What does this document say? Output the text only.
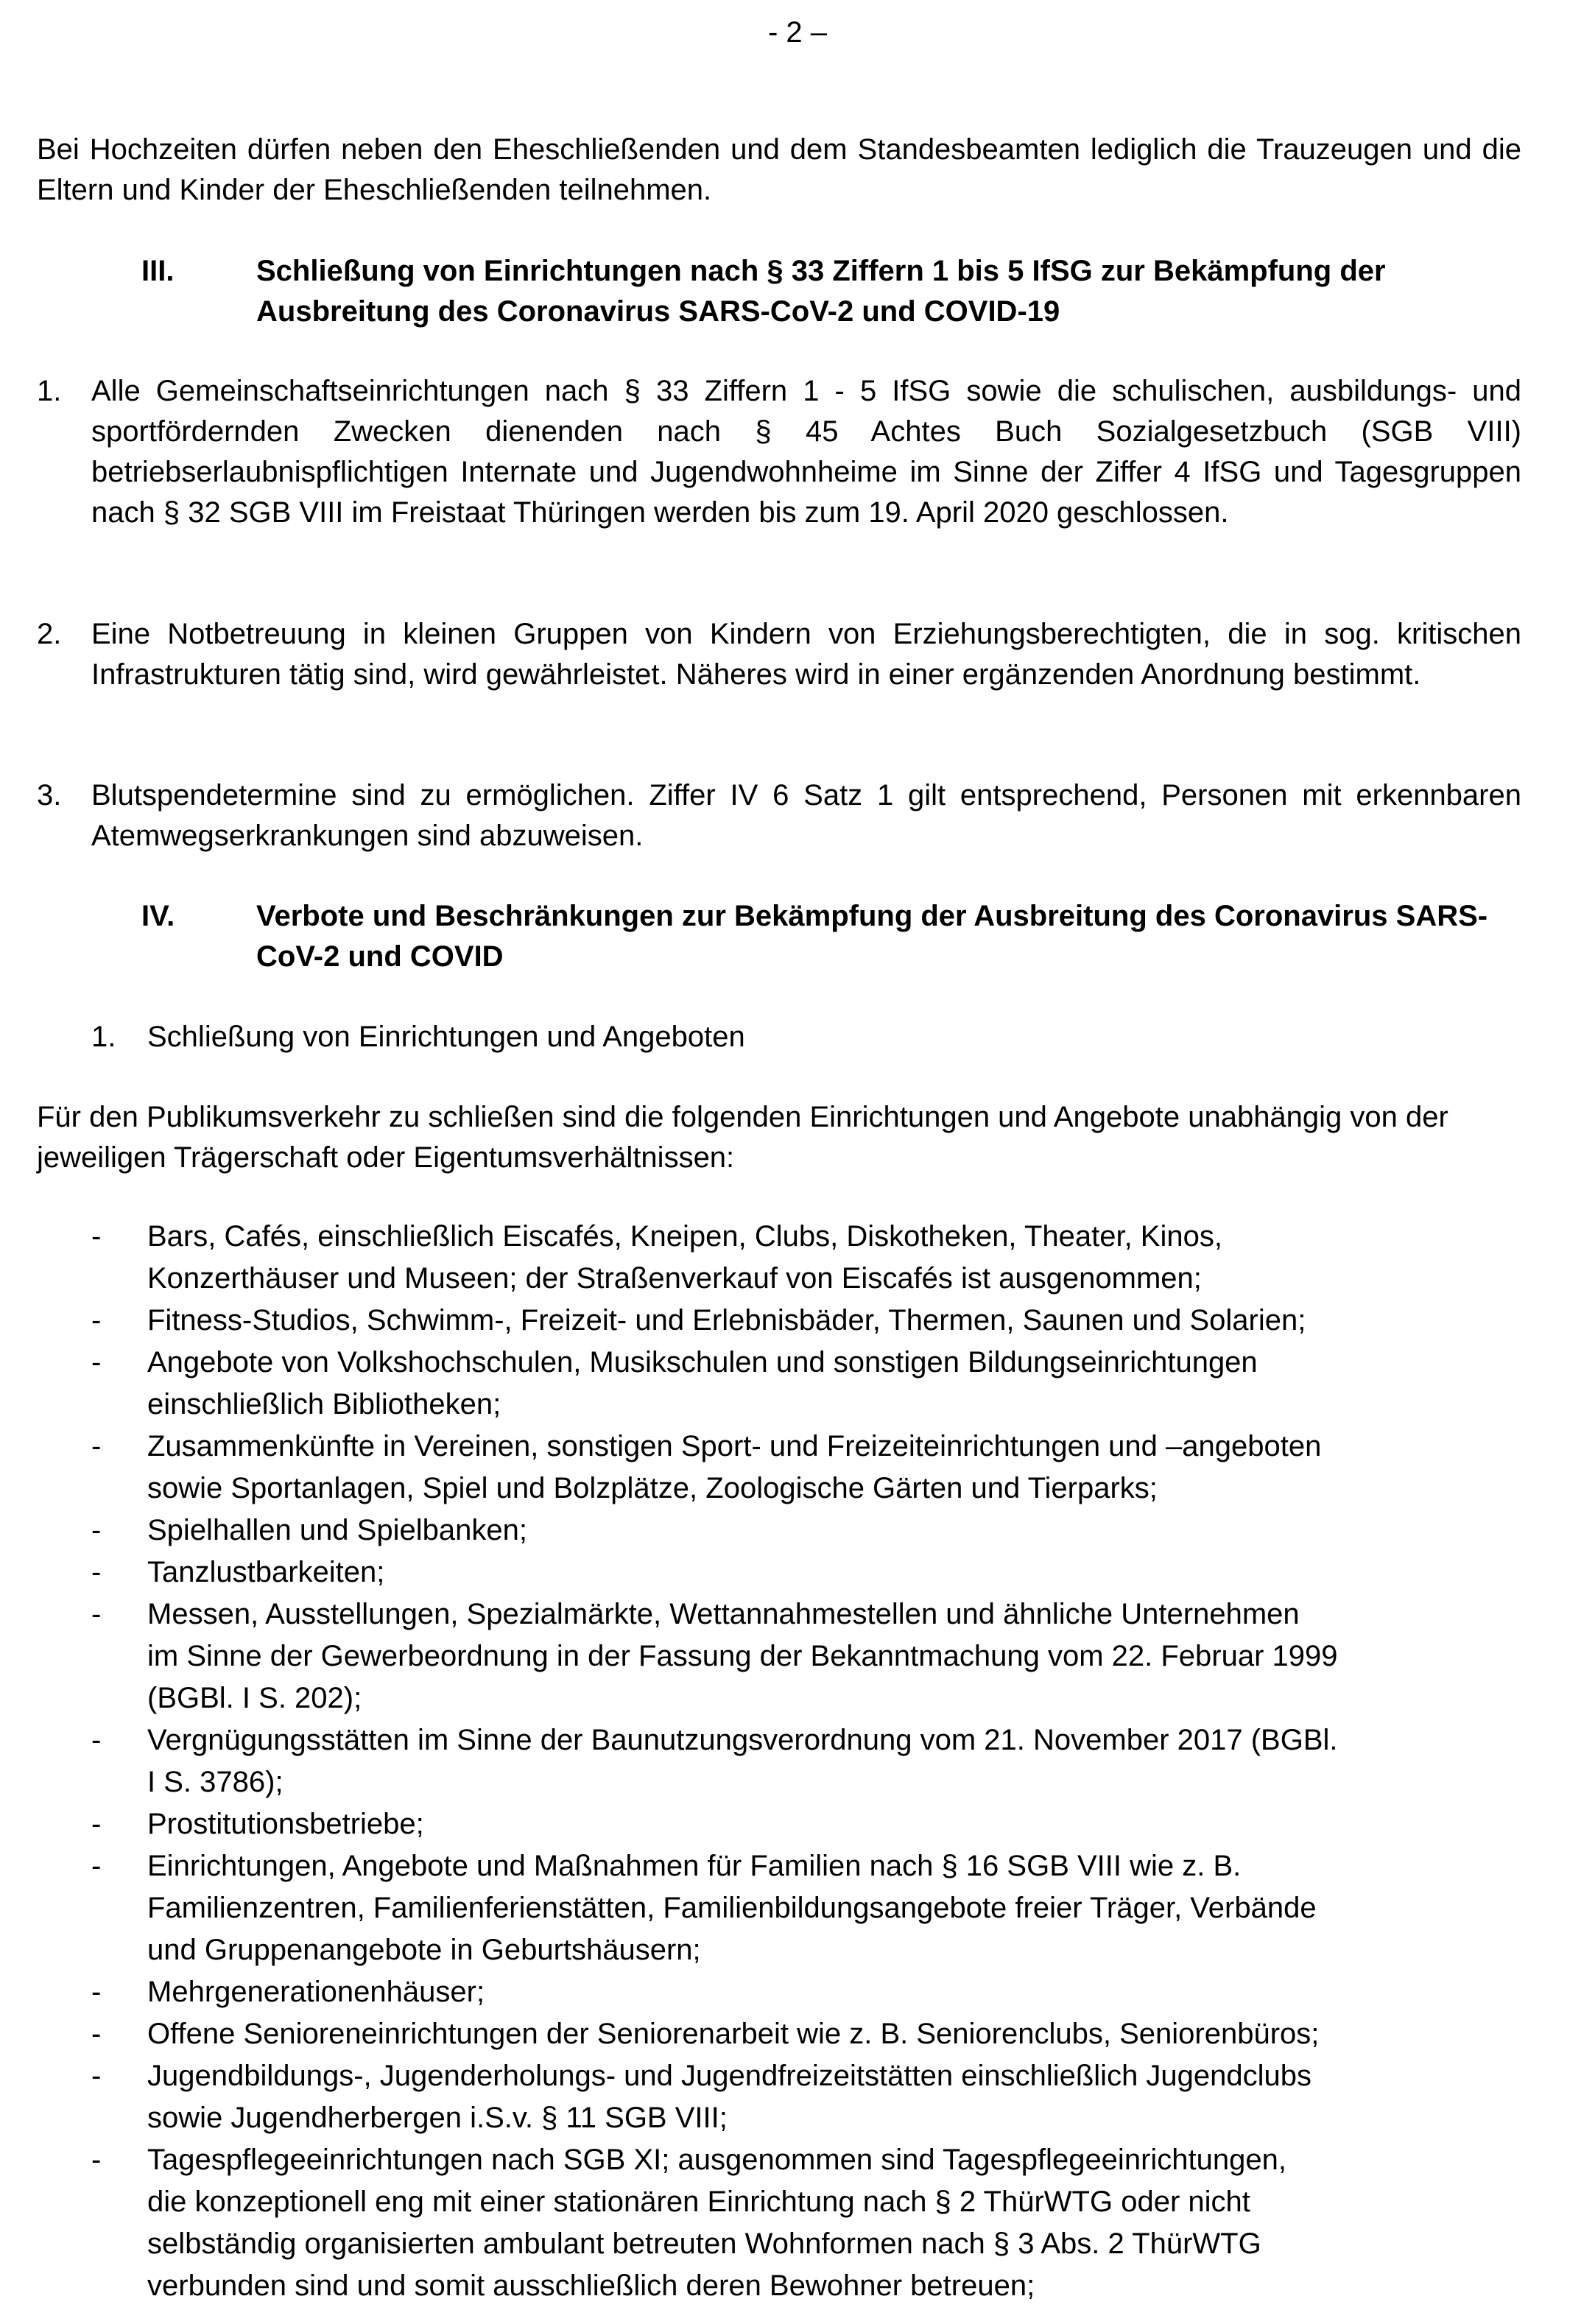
- 2 –
Bei Hochzeiten dürfen neben den Eheschließenden und dem Standesbeamten lediglich die Trauzeugen und die Eltern und Kinder der Eheschließenden teilnehmen.
III.	Schließung von Einrichtungen nach § 33 Ziffern 1 bis 5 IfSG zur Bekämpfung der Ausbreitung des Coronavirus SARS-CoV-2 und COVID-19
1.	Alle Gemeinschaftseinrichtungen nach § 33 Ziffern 1 - 5 IfSG sowie die schulischen, ausbildungs- und sportfördernden Zwecken dienenden nach § 45 Achtes Buch Sozialgesetzbuch (SGB VIII) betriebserlaubnispflichtigen Internate und Jugendwohnheime im Sinne der Ziffer 4 IfSG und Tagesgruppen nach § 32 SGB VIII im Freistaat Thüringen werden bis zum 19. April 2020 geschlossen.
2.	Eine Notbetreuung in kleinen Gruppen von Kindern von Erziehungsberechtigten, die in sog. kritischen Infrastrukturen tätig sind, wird gewährleistet. Näheres wird in einer ergänzenden Anordnung bestimmt.
3.	Blutspendetermine sind zu ermöglichen. Ziffer IV 6 Satz 1 gilt entsprechend, Personen mit erkennbaren Atemwegserkrankungen sind abzuweisen.
IV.	Verbote und Beschränkungen zur Bekämpfung der Ausbreitung des Coronavirus SARS-CoV-2 und COVID
1.	Schließung von Einrichtungen und Angeboten
Für den Publikumsverkehr zu schließen sind die folgenden Einrichtungen und Angebote unabhängig von der jeweiligen Trägerschaft oder Eigentumsverhältnissen:
-	Bars, Cafés, einschließlich Eiscafés, Kneipen, Clubs, Diskotheken, Theater, Kinos,
Konzerthäuser und Museen; der Straßenverkauf von Eiscafés ist ausgenommen;
-	Fitness-Studios, Schwimm-, Freizeit- und Erlebnisbäder, Thermen, Saunen und Solarien;
-	Angebote von Volkshochschulen, Musikschulen und sonstigen Bildungseinrichtungen
einschließlich Bibliotheken;
-	Zusammenkünfte in Vereinen, sonstigen Sport- und Freizeiteinrichtungen und –angeboten
sowie Sportanlagen, Spiel und Bolzplätze, Zoologische Gärten und Tierparks;
-	Spielhallen und Spielbanken;
-	Tanzlustbarkeiten;
-	Messen, Ausstellungen, Spezialmärkte, Wettannahmestellen und ähnliche Unternehmen
im Sinne der Gewerbeordnung in der Fassung der Bekanntmachung vom 22. Februar 1999
(BGBl. I S. 202);
-	Vergnügungsstätten im Sinne der Baunutzungsverordnung vom 21. November 2017 (BGBl.
I S. 3786);
-	Prostitutionsbetriebe;
-	Einrichtungen, Angebote und Maßnahmen für Familien nach § 16 SGB VIII wie z. B.
Familienzentren, Familienferienstätten, Familienbildungsangebote freier Träger, Verbände
und Gruppenangebote in Geburtshäusern;
-	Mehrgenerationenhäuser;
-	Offene Senioreneinrichtungen der Seniorenarbeit wie z. B. Seniorenclubs, Seniorenbüros;
-	Jugendbildungs-, Jugenderholungs- und Jugendfreizeitstätten einschließlich Jugendclubs
sowie Jugendherbergen i.S.v. § 11 SGB VIII;
-	Tagespflegeeinrichtungen nach SGB XI; ausgenommen sind Tagespflegeeinrichtungen,
die konzeptionell eng mit einer stationären Einrichtung nach § 2 ThürWTG oder nicht
selbständig organisierten ambulant betreuten Wohnformen nach § 3 Abs. 2 ThürWTG
verbunden sind und somit ausschließlich deren Bewohner betreuen;
